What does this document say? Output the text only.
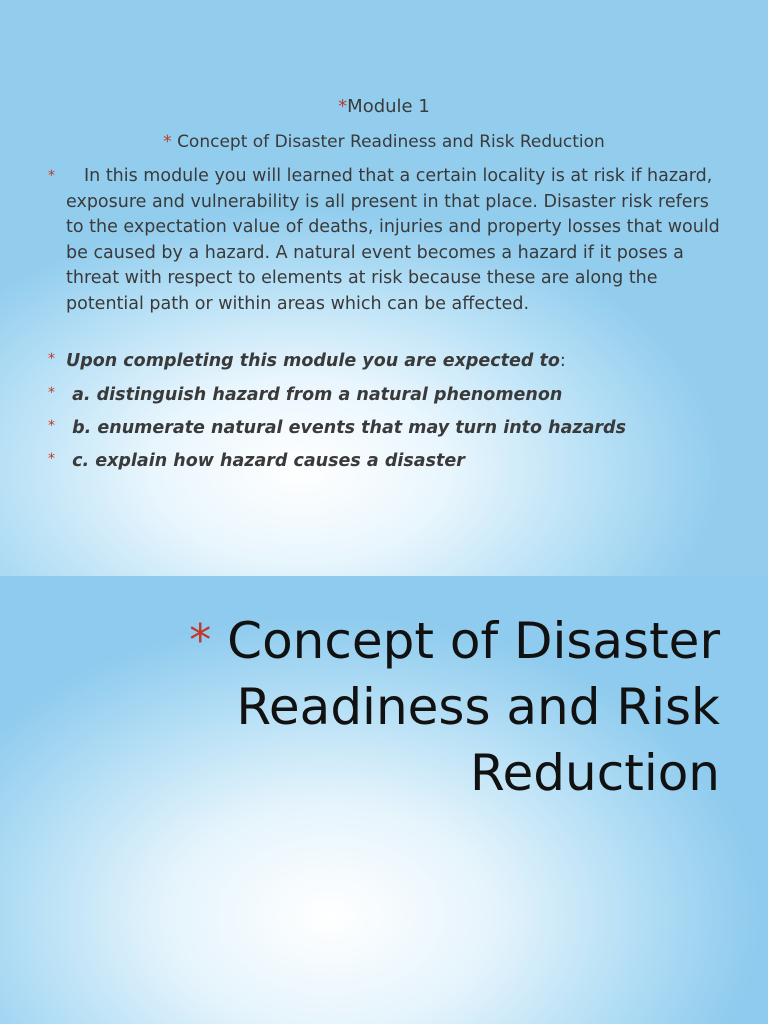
*Module 1
* Concept of Disaster Readiness and Risk Reduction
*	In this module you will learned that a certain locality is at risk if hazard, exposure and vulnerability is all present in that place. Disaster risk refers to the expectation value of deaths, injuries and property losses that would be caused by a hazard. A natural event becomes a hazard if it poses a threat with respect to elements at risk because these are along the potential path or within areas which can be affected.
* Upon completing this module you are expected to:
* a. distinguish hazard from a natural phenomenon
* b. enumerate natural events that may turn into hazards
* c. explain how hazard causes a disaster
* Concept of Disaster
Readiness and Risk
Reduction
